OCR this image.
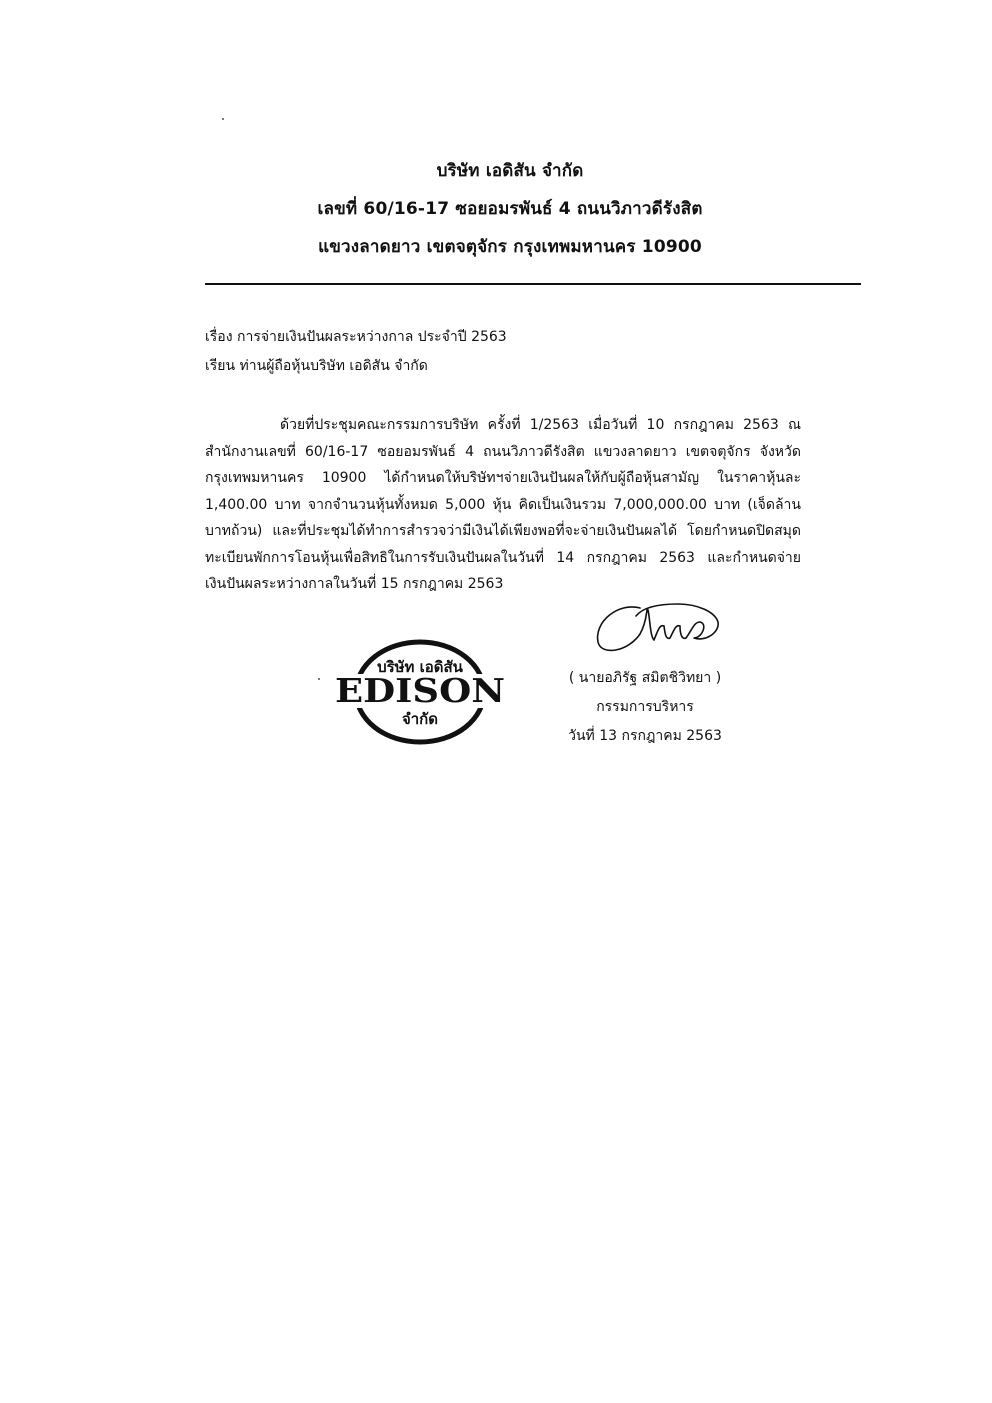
บริษัท เอดิสัน จำกัด
เลขที่ 60/16-17 ซอยอมรพันธ์ 4 ถนนวิภาวดีรังสิต
แขวงลาดยาว เขตจตุจักร กรุงเทพมหานคร 10900
เรื่อง การจ่ายเงินปันผลระหว่างกาล ประจำปี 2563
เรียน ท่านผู้ถือหุ้นบริษัท เอดิสัน จำกัด
ด้วยที่ประชุมคณะกรรมการบริษัท ครั้งที่ 1/2563 เมื่อวันที่ 10 กรกฎาคม 2563 ณ สำนักงานเลขที่ 60/16-17 ซอยอมรพันธ์ 4 ถนนวิภาวดีรังสิต แขวงลาดยาว เขตจตุจักร จังหวัดกรุงเทพมหานคร 10900 ได้กำหนดให้บริษัทฯจ่ายเงินปันผลให้กับผู้ถือหุ้นสามัญ ในราคาหุ้นละ 1,400.00 บาท จากจำนวนหุ้นทั้งหมด 5,000 หุ้น คิดเป็นเงินรวม 7,000,000.00 บาท (เจ็ดล้านบาทถ้วน) และที่ประชุมได้ทำการสำรวจว่ามีเงินได้เพียงพอที่จะจ่ายเงินปันผลได้ โดยกำหนดปิดสมุดทะเบียนพักการโอนหุ้นเพื่อสิทธิในการรับเงินปันผลในวันที่ 14 กรกฎาคม 2563 และกำหนดจ่ายเงินปันผลระหว่างกาลในวันที่ 15 กรกฎาคม 2563
บริษัท เอดิสัน
EDISON
จำกัด
( นายอภิรัฐ สมิตชิวิทยา )
กรรมการบริหาร
วันที่ 13 กรกฎาคม 2563
